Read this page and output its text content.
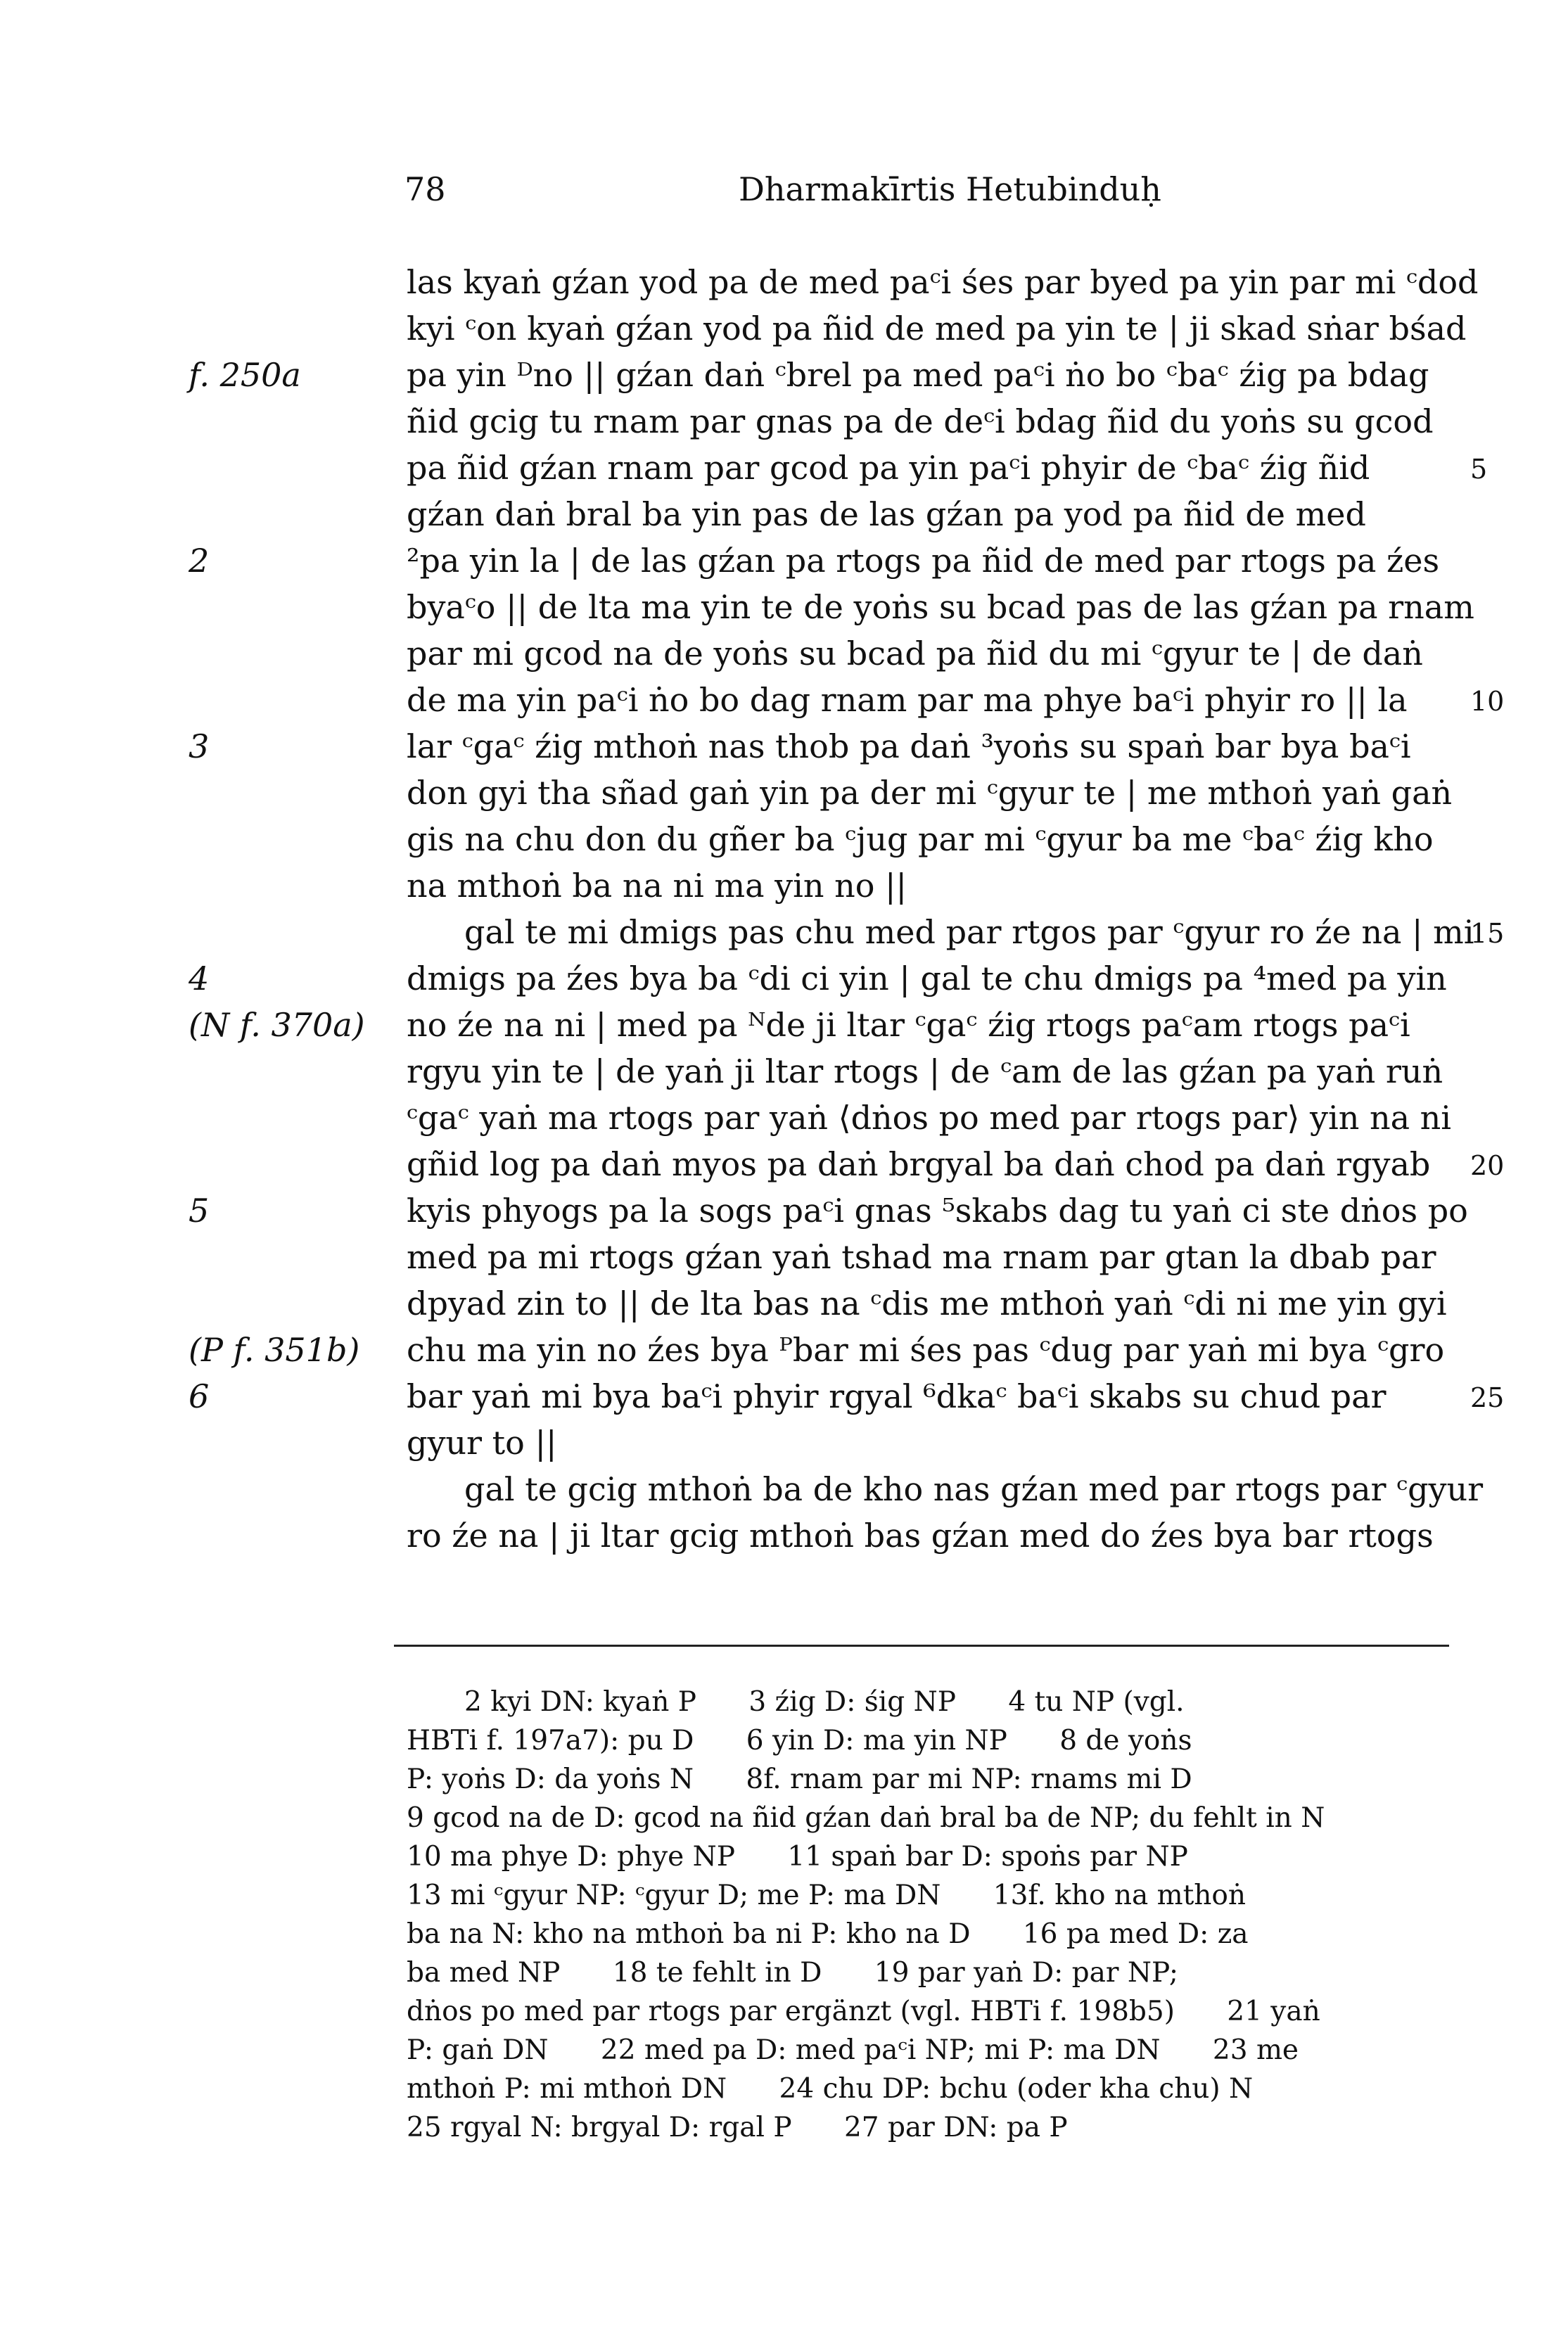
78	Dharmakīrtis Hetubinduḥ
las kyaṅ gźan yod pa de med paᶜi śes par byed pa yin par mi ᶜdod
kyi ᶜon kyaṅ gźan yod pa ñid de med pa yin te | ji skad sṅar bśad
pa yin ᴰno || gźan daṅ ᶜbrel pa med paᶜi ṅo bo ᶜbaᶜ źig pa bdag
ñid gcig tu rnam par gnas pa de deᶜi bdag ñid du yoṅs su gcod
pa ñid gźan rnam par gcod pa yin paᶜi phyir de ᶜbaᶜ źig ñid
gźan daṅ bral ba yin pas de las gźan pa yod pa ñid de med
²pa yin la | de las gźan pa rtogs pa ñid de med par rtogs pa źes
byaᶜo || de lta ma yin te de yoṅs su bcad pas de las gźan pa rnam
par mi gcod na de yoṅs su bcad pa ñid du mi ᶜgyur te | de daṅ
de ma yin paᶜi ṅo bo dag rnam par ma phye baᶜi phyir ro || la
lar ᶜgaᶜ źig mthoṅ nas thob pa daṅ ³yoṅs su spaṅ bar bya baᶜi
don gyi tha sñad gaṅ yin pa der mi ᶜgyur te | me mthoṅ yaṅ gaṅ
gis na chu don du gñer ba ᶜjug par mi ᶜgyur ba me ᶜbaᶜ źig kho
na mthoṅ ba na ni ma yin no ||
gal te mi dmigs pas chu med par rtgos par ᶜgyur ro źe na | mi
dmigs pa źes bya ba ᶜdi ci yin | gal te chu dmigs pa ⁴med pa yin
no źe na ni | med pa ᴺde ji ltar ᶜgaᶜ źig rtogs paᶜam rtogs paᶜi
rgyu yin te | de yaṅ ji ltar rtogs | de ᶜam de las gźan pa yaṅ ruṅ
ᶜgaᶜ yaṅ ma rtogs par yaṅ ⟨dṅos po med par rtogs par⟩ yin na ni
gñid log pa daṅ myos pa daṅ brgyal ba daṅ chod pa daṅ rgyab
kyis phyogs pa la sogs paᶜi gnas ⁵skabs dag tu yaṅ ci ste dṅos po
med pa mi rtogs gźan yaṅ tshad ma rnam par gtan la dbab par
dpyad zin to || de lta bas na ᶜdis me mthoṅ yaṅ ᶜdi ni me yin gyi
chu ma yin no źes bya ᴾbar mi śes pas ᶜdug par yaṅ mi bya ᶜgro
bar yaṅ mi bya baᶜi phyir rgyal ⁶dkaᶜ baᶜi skabs su chud par
gyur to ||
gal te gcig mthoṅ ba de kho nas gźan med par rtogs par ᶜgyur
ro źe na | ji ltar gcig mthoṅ bas gźan med do źes bya bar rtogs
f. 250a
2
3
4
(N f. 370a)
5
(P f. 351b)
6
5
10
15
20
25
2 kyi DN: kyaṅ P      3 źig D: śig NP      4 tu NP (vgl.
HBTi f. 197a7): pu D      6 yin D: ma yin NP      8 de yoṅs
P: yoṅs D: da yoṅs N      8f. rnam par mi NP: rnams mi D
9 gcod na de D: gcod na ñid gźan daṅ bral ba de NP; du fehlt in N
10 ma phye D: phye NP      11 spaṅ bar D: spoṅs par NP
13 mi ᶜgyur NP: ᶜgyur D; me P: ma DN      13f. kho na mthoṅ
ba na N: kho na mthoṅ ba ni P: kho na D      16 pa med D: za
ba med NP      18 te fehlt in D      19 par yaṅ D: par NP;
dṅos po med par rtogs par ergänzt (vgl. HBTi f. 198b5)      21 yaṅ
P: gaṅ DN      22 med pa D: med paᶜi NP; mi P: ma DN      23 me
mthoṅ P: mi mthoṅ DN      24 chu DP: bchu (oder kha chu) N
25 rgyal N: brgyal D: rgal P      27 par DN: pa P
